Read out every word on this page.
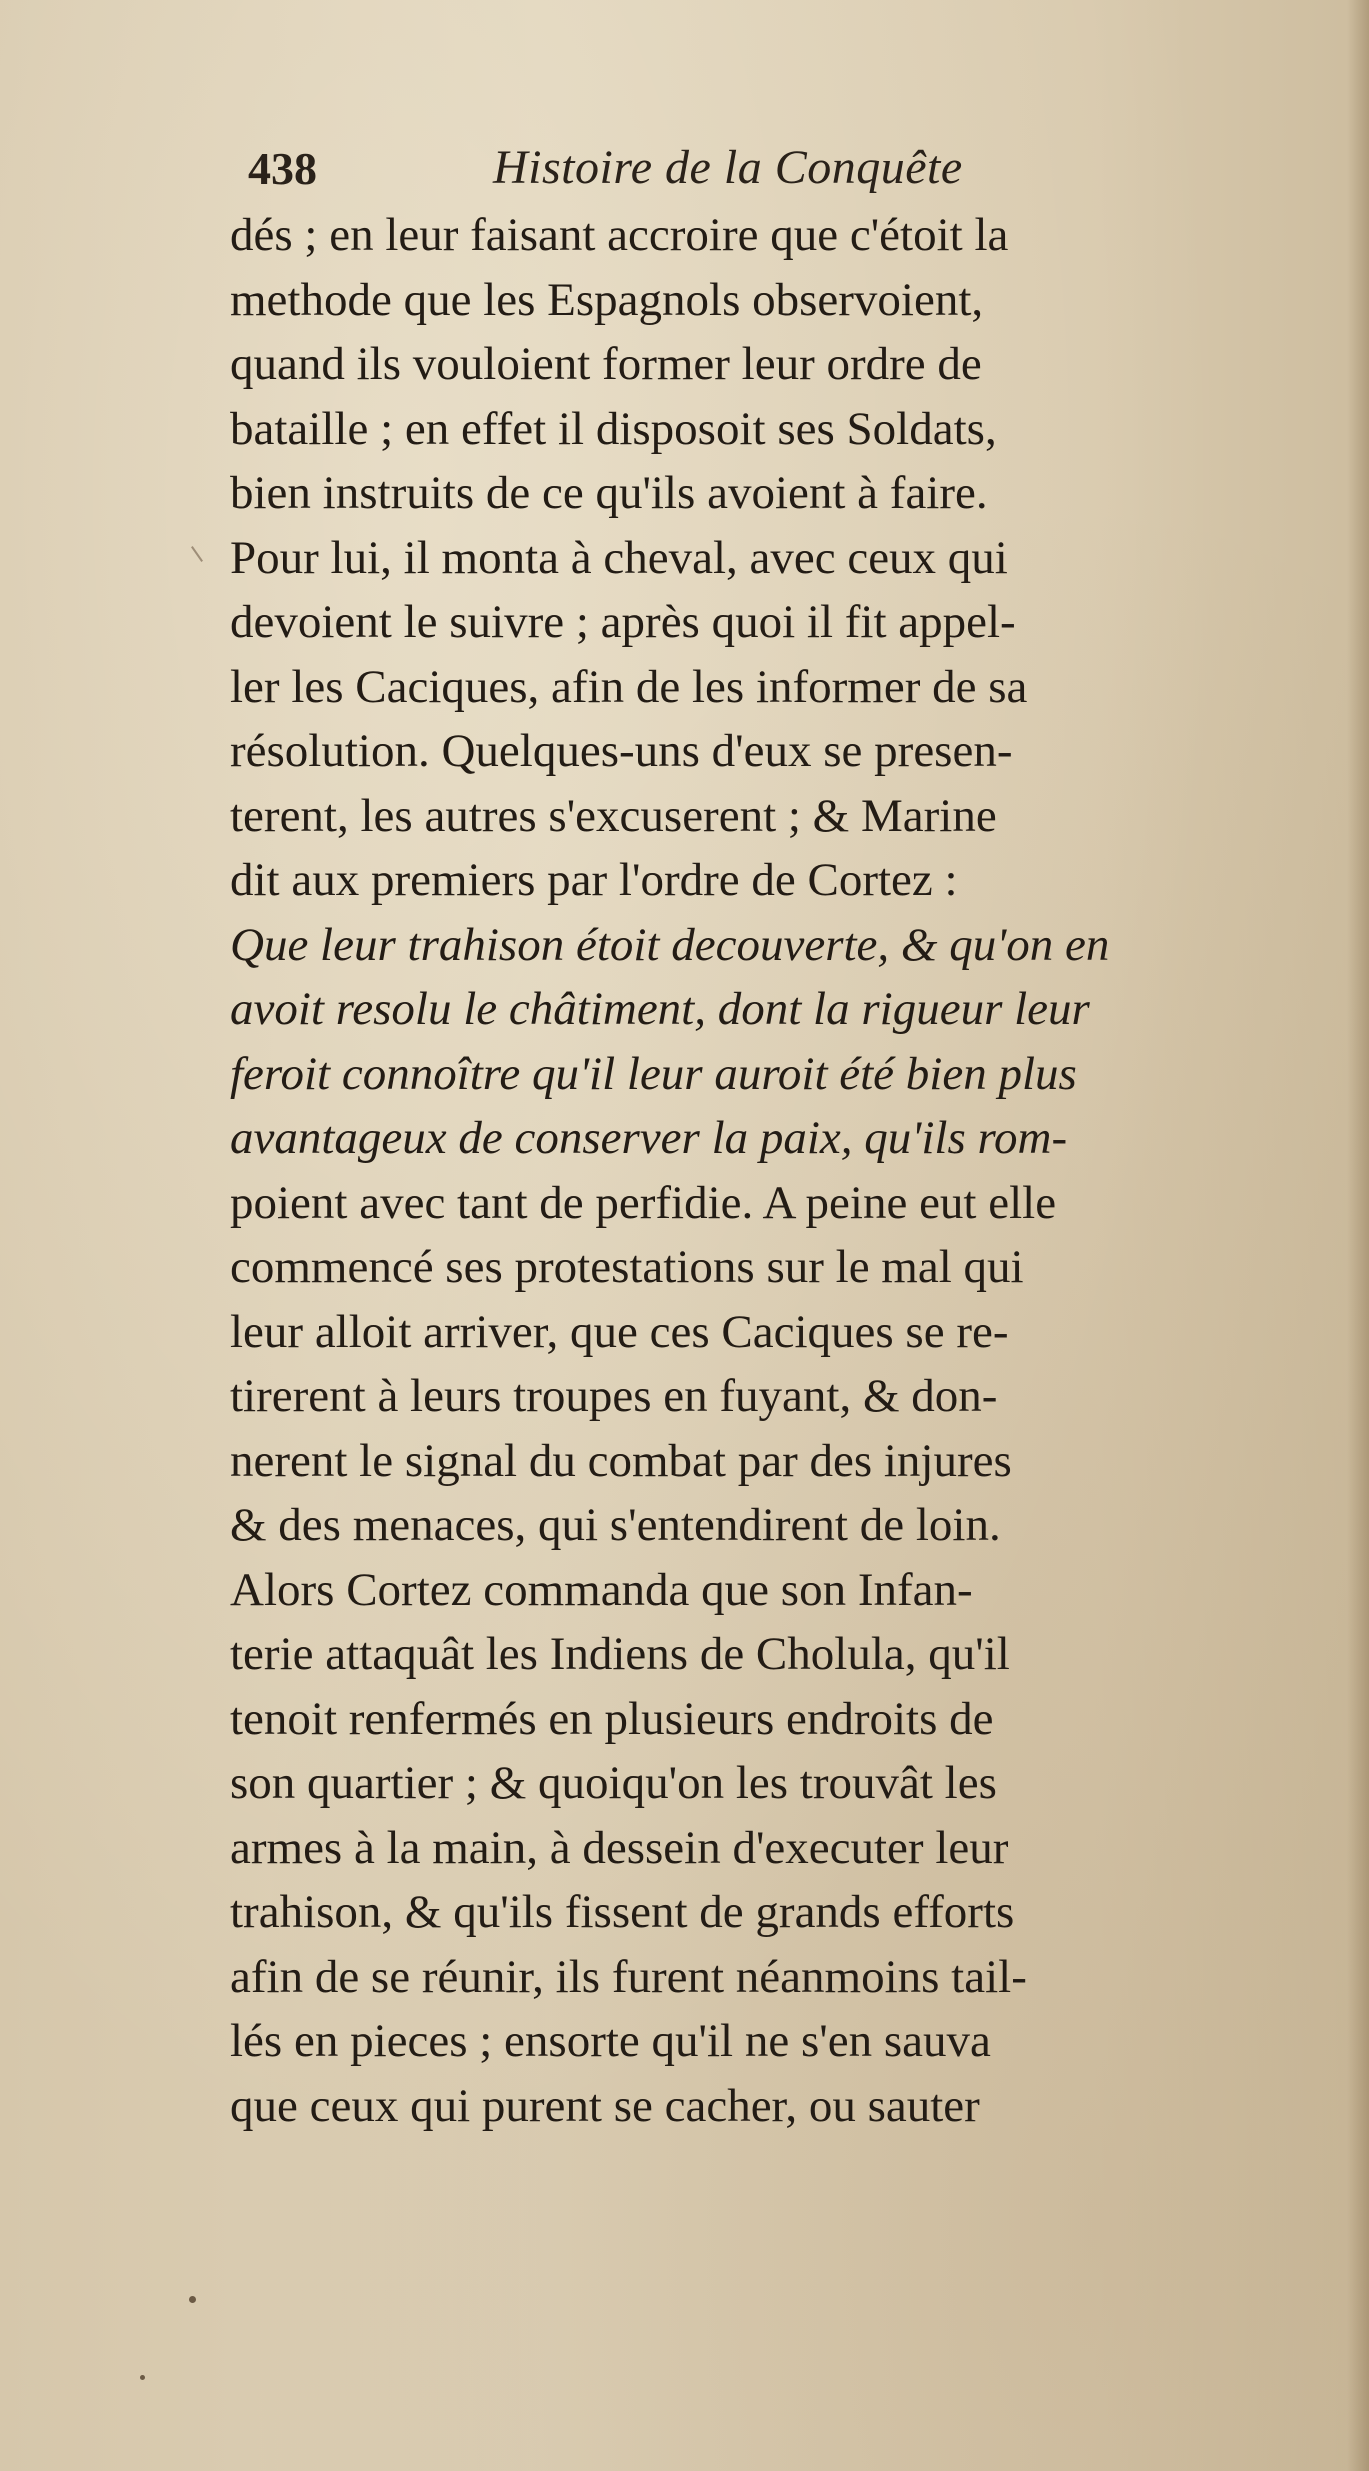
438	Histoire de la Conquête
dés ; en leur faisant accroire que c'étoit la
methode que les Espagnols observoient,
quand ils vouloient former leur ordre de
bataille ; en effet il disposoit ses Soldats,
bien instruits de ce qu'ils avoient à faire.
Pour lui, il monta à cheval, avec ceux qui
devoient le suivre ; après quoi il fit appel-
ler les Caciques, afin de les informer de sa
résolution. Quelques-uns d'eux se presen-
terent, les autres s'excuserent ; & Marine
dit aux premiers par l'ordre de Cortez :
Que leur trahison étoit decouverte, & qu'on en
avoit resolu le châtiment, dont la rigueur leur
feroit connoître qu'il leur auroit été bien plus
avantageux de conserver la paix, qu'ils rom-
poient avec tant de perfidie. A peine eut elle
commencé ses protestations sur le mal qui
leur alloit arriver, que ces Caciques se re-
tirerent à leurs troupes en fuyant, & don-
nerent le signal du combat par des injures
& des menaces, qui s'entendirent de loin.
Alors Cortez commanda que son Infan-
terie attaquât les Indiens de Cholula, qu'il
tenoit renfermés en plusieurs endroits de
son quartier ; & quoiqu'on les trouvât les
armes à la main, à dessein d'executer leur
trahison, & qu'ils fissent de grands efforts
afin de se réunir, ils furent néanmoins tail-
lés en pieces ; ensorte qu'il ne s'en sauva
que ceux qui purent se cacher, ou sauter
